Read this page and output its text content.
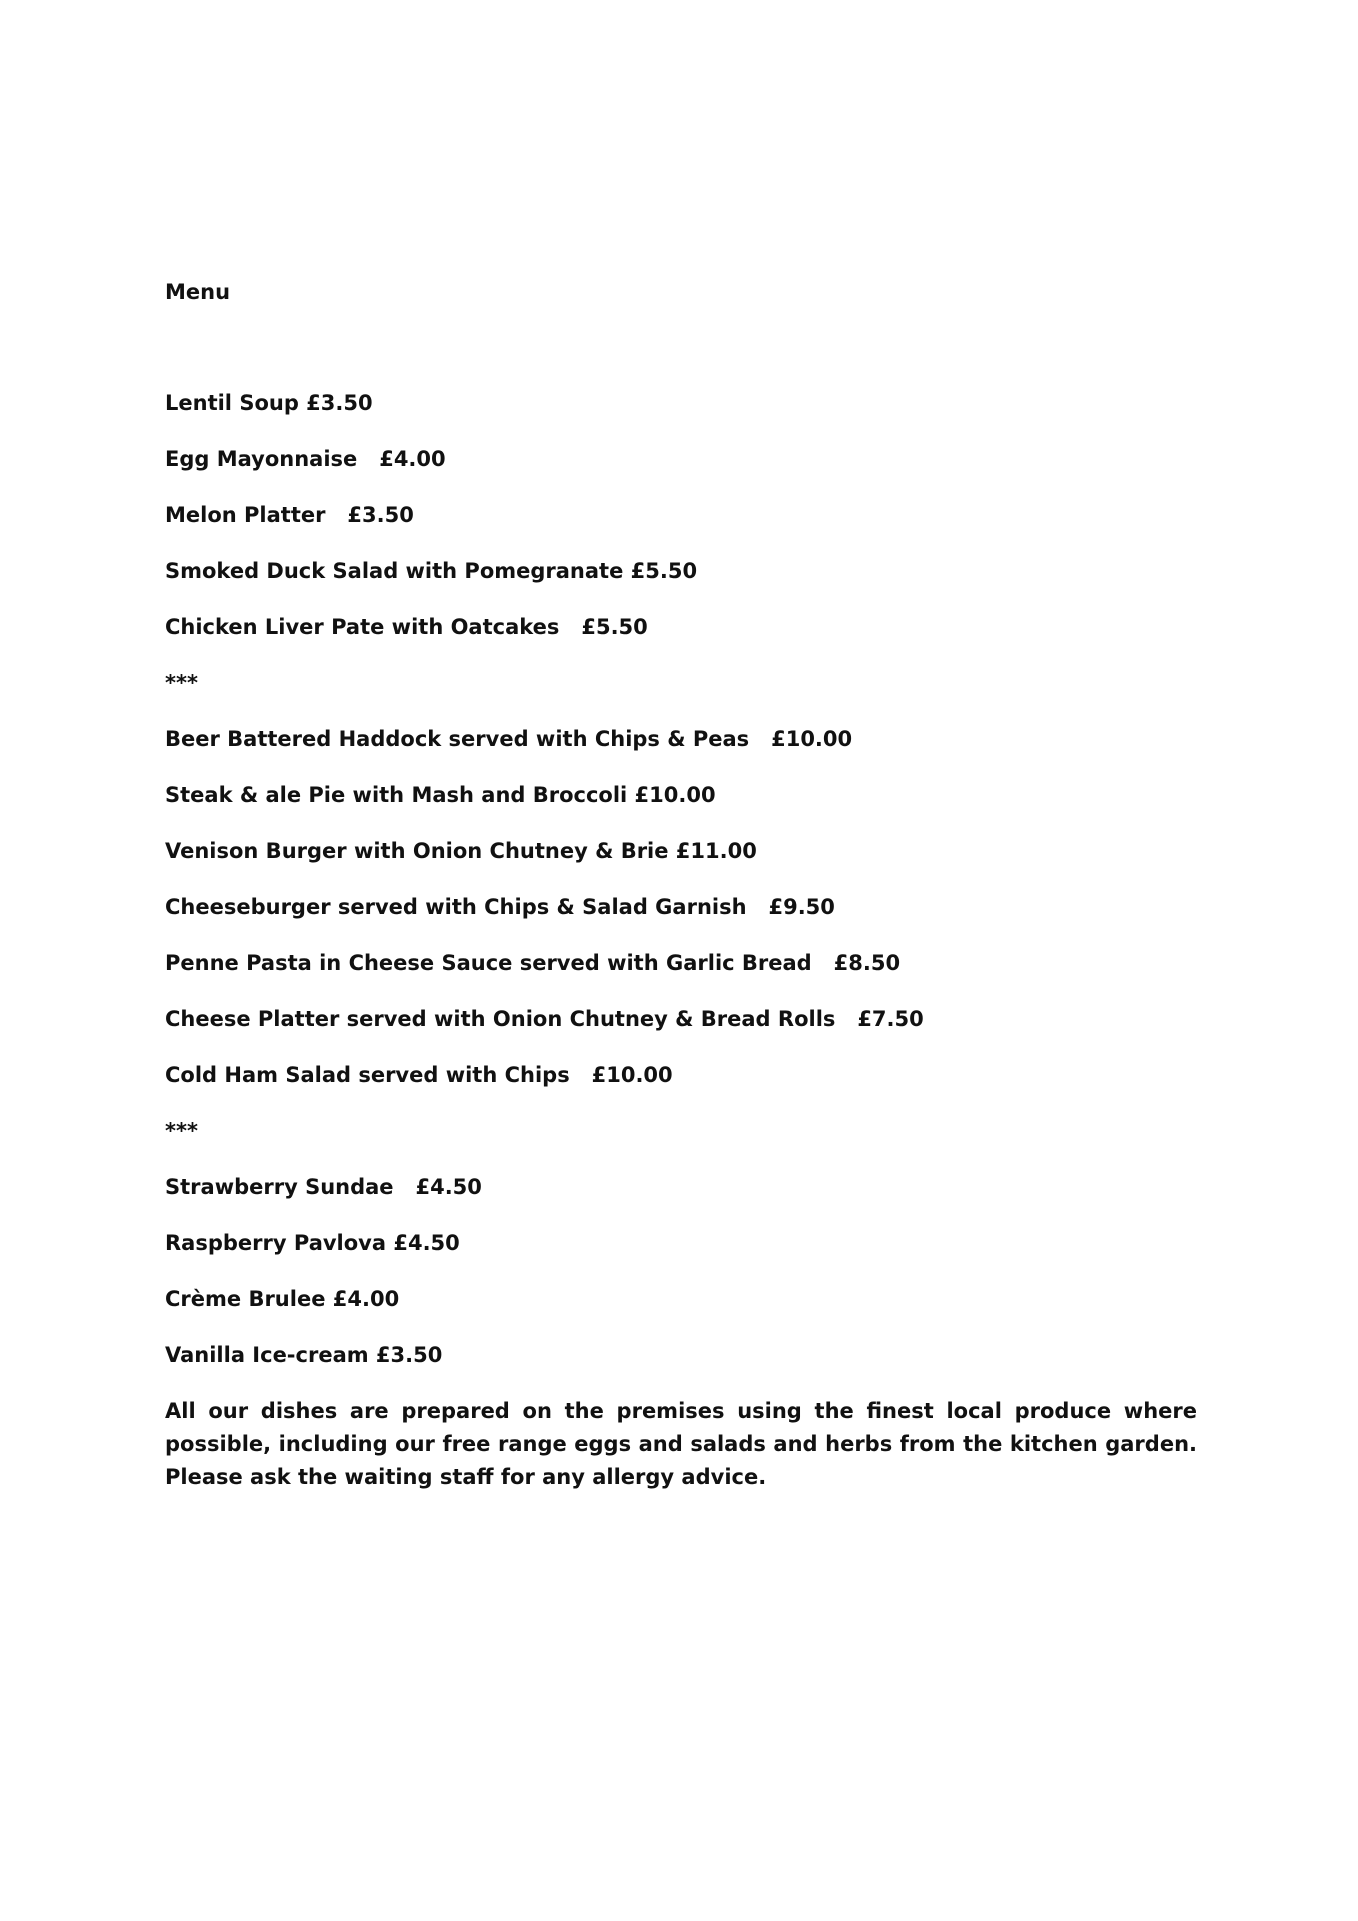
Menu

Lentil Soup £3.50
Egg Mayonnaise   £4.00
Melon Platter   £3.50
Smoked Duck Salad with Pomegranate £5.50
Chicken Liver Pate with Oatcakes   £5.50
***
Beer Battered Haddock served with Chips & Peas   £10.00
Steak & ale Pie with Mash and Broccoli £10.00
Venison Burger with Onion Chutney & Brie £11.00
Cheeseburger served with Chips & Salad Garnish   £9.50
Penne Pasta in Cheese Sauce served with Garlic Bread   £8.50
Cheese Platter served with Onion Chutney & Bread Rolls   £7.50
Cold Ham Salad served with Chips   £10.00
***
Strawberry Sundae   £4.50
Raspberry Pavlova £4.50
Crème Brulee £4.00
Vanilla Ice-cream £3.50

All our dishes are prepared on the premises using the finest local produce where possible, including our free range eggs and salads and herbs from the kitchen garden. Please ask the waiting staff for any allergy advice.
